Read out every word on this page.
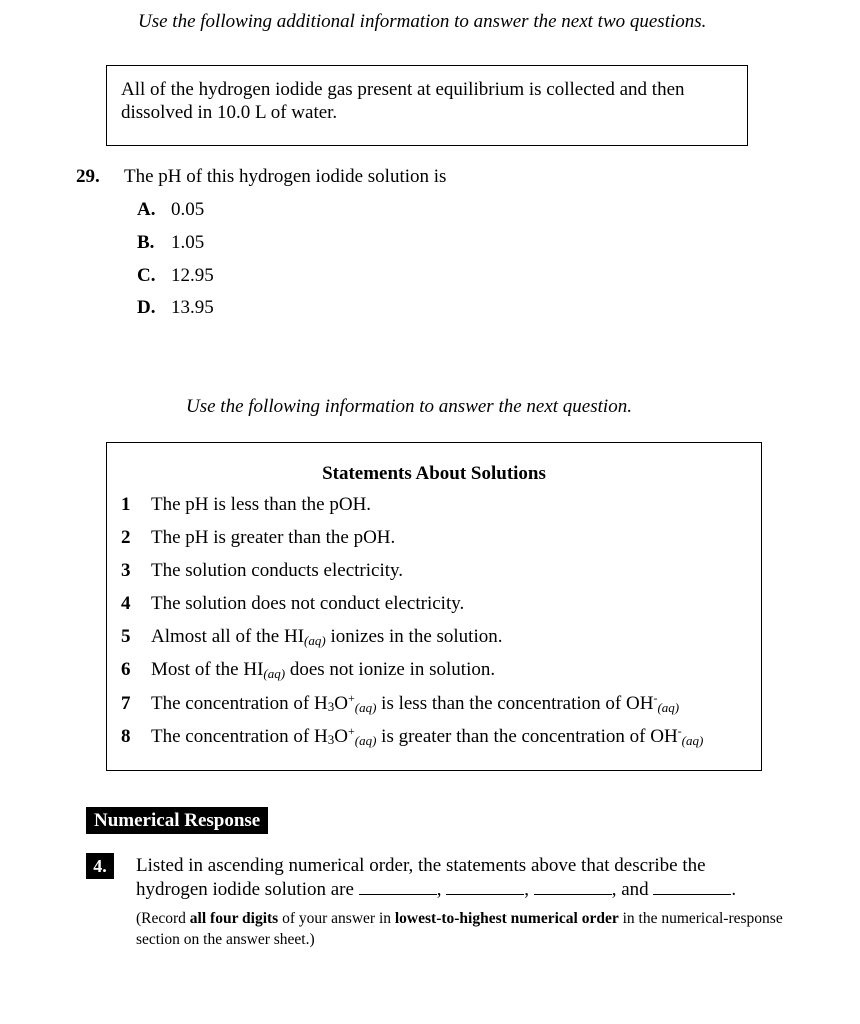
Use the following additional information to answer the next two questions.
All of the hydrogen iodide gas present at equilibrium is collected and then dissolved in 10.0 L of water.
29. The pH of this hydrogen iodide solution is
A. 0.05
B. 1.05
C. 12.95
D. 13.95
Use the following information to answer the next question.
Statements About Solutions
1 The pH is less than the pOH.
2 The pH is greater than the pOH.
3 The solution conducts electricity.
4 The solution does not conduct electricity.
5 Almost all of the $HI_{(aq)}$ ionizes in the solution.
6 Most of the $HI_{(aq)}$ does not ionize in solution.
7 The concentration of $H3O^+_{(aq)}$ is less than the concentration of $OH^-_{(aq)}$
8 The concentration of $H3O^+_{(aq)}$ is greater than the concentration of $OH^-_{(aq)}$
Numerical Response
4.	Listed in ascending numerical order, the statements above that describe the
hydrogen iodide solution are	,	,	, and	.
(Record all four digits of your answer in lowest-to-highest numerical order in the numerical-response section on the answer sheet.)
